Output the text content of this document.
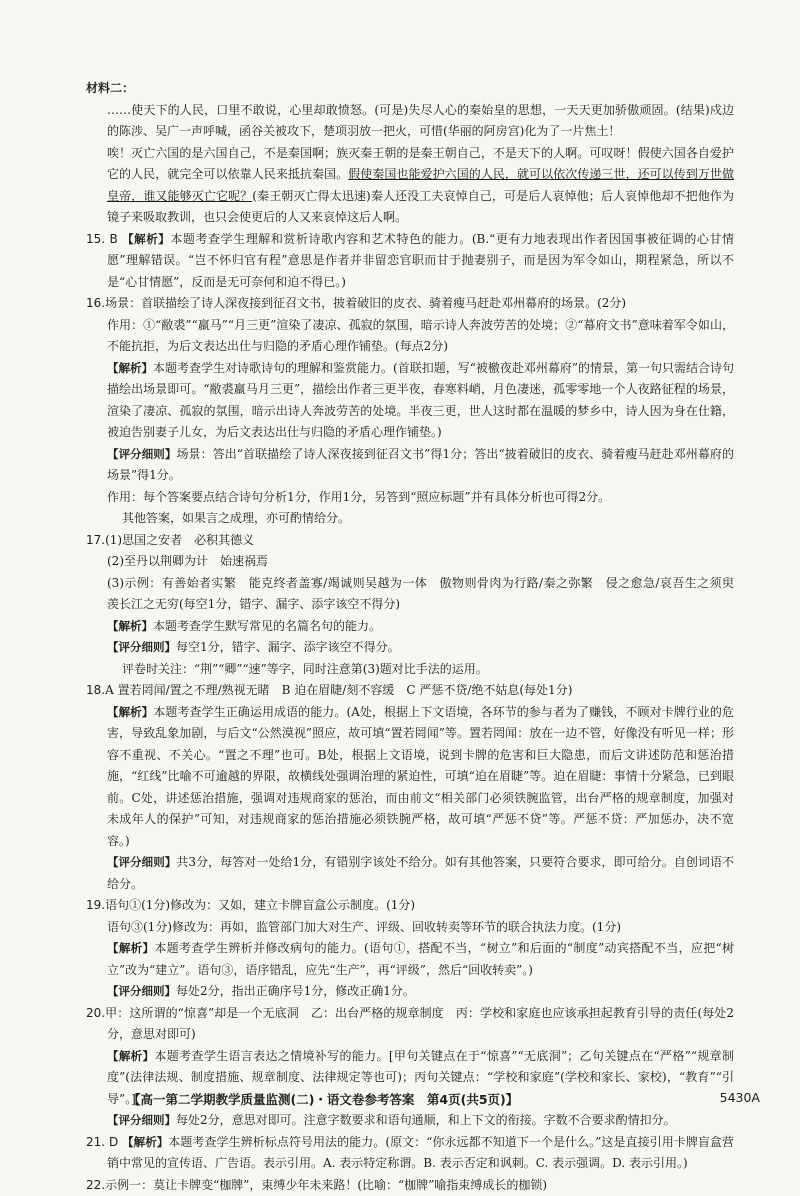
材料二：

……使天下的人民，口里不敢说，心里却敢愤怒。(可是)失尽人心的秦始皇的思想，一天天更加骄傲顽固。(结果)戍边的陈涉、吴广一声呼喊，函谷关被攻下，楚项羽放一把火，可惜(华丽的阿房宫)化为了一片焦土！

唉！灭亡六国的是六国自己，不是秦国啊；族灭秦王朝的是秦王朝自己，不是天下的人啊。可叹呀！假使六国各自爱护它的人民，就完全可以依靠人民来抵抗秦国。假使秦国也能爱护六国的人民，就可以依次传递三世，还可以传到万世做皇帝，谁又能够灭亡它呢？(秦王朝灭亡得太迅速)秦人还没工夫哀悼自己，可是后人哀悼他；后人哀悼他却不把他作为镜子来吸取教训，也只会使更后的人又来哀悼这后人啊。

15. B 【解析】本题考查学生理解和赏析诗歌内容和艺术特色的能力。(B.“更有力地表现出作者因国事被征调的心甘情愿”理解错误。“岂不怀归官有程”意思是作者并非留恋官职而甘于抛妻别子，而是因为军令如山，期程紧急，所以不是“心甘情愿”，反而是无可奈何和迫不得已。)

16.场景：首联描绘了诗人深夜接到征召文书，披着破旧的皮衣、骑着瘦马赶赴邓州幕府的场景。(2分)

作用：①“敝裘”“羸马”“月三更”渲染了凄凉、孤寂的氛围，暗示诗人奔波劳苦的处境；②“幕府文书”意味着军令如山，不能抗拒，为后文表达出仕与归隐的矛盾心理作铺垫。(每点2分)

【解析】本题考查学生对诗歌诗句的理解和鉴赏能力。(首联扣题，写“被檄夜赴邓州幕府”的情景，第一句只需结合诗句描绘出场景即可。“敝裘羸马月三更”，描绘出作者三更半夜，春寒料峭，月色凄迷，孤零零地一个人夜路征程的场景，渲染了凄凉、孤寂的氛围，暗示出诗人奔波劳苦的处境。半夜三更，世人这时都在温暖的梦乡中，诗人因为身在仕籍，被迫告别妻子儿女，为后文表达出仕与归隐的矛盾心理作铺垫。)

【评分细则】场景：答出“首联描绘了诗人深夜接到征召文书”得1分；答出“披着破旧的皮衣、骑着瘦马赶赴邓州幕府的场景”得1分。

作用：每个答案要点结合诗句分析1分，作用1分，另答到“照应标题”并有具体分析也可得2分。

其他答案，如果言之成理，亦可酌情给分。

17.(1)思国之安者　必积其德义

(2)至丹以荆卿为计　始速祸焉

(3)示例：有善始者实繁　能克终者盖寡/竭诚则吴越为一体　傲物则骨肉为行路/秦之弥繁　侵之愈急/哀吾生之须臾　羡长江之无穷(每空1分，错字、漏字、添字该空不得分)

【解析】本题考查学生默写常见的名篇名句的能力。

【评分细则】每空1分，错字、漏字、添字该空不得分。

评卷时关注：“荆”“卿”“速”等字，同时注意第(3)题对比手法的运用。

18.A 置若罔闻/置之不理/熟视无睹　B 迫在眉睫/刻不容缓　C 严惩不贷/绝不姑息(每处1分)

【解析】本题考查学生正确运用成语的能力。(A处，根据上下文语境，各环节的参与者为了赚钱，不顾对卡牌行业的危害，导致乱象加剧，与后文“公然漠视”照应，故可填“置若罔闻”等。置若罔闻：放在一边不管，好像没有听见一样；形容不重视、不关心。“置之不理”也可。B处，根据上文语境，说到卡牌的危害和巨大隐患，而后文讲述防范和惩治措施，“红线”比喻不可逾越的界限，故横线处强调治理的紧迫性，可填“迫在眉睫”等。迫在眉睫：事情十分紧急，已到眼前。C处，讲述惩治措施，强调对违规商家的惩治，而由前文“相关部门必须铁腕监管，出台严格的规章制度，加强对未成年人的保护”可知，对违规商家的惩治措施必须铁腕严格，故可填“严惩不贷”等。严惩不贷：严加惩办，决不宽容。)

【评分细则】共3分，每答对一处给1分，有错别字该处不给分。如有其他答案，只要符合要求，即可给分。自创词语不给分。

19.语句①(1分)修改为：又如，建立卡牌盲盒公示制度。(1分)

语句③(1分)修改为：再如，监管部门加大对生产、评级、回收转卖等环节的联合执法力度。(1分)

【解析】本题考查学生辨析并修改病句的能力。(语句①，搭配不当，“树立”和后面的“制度”动宾搭配不当，应把“树立”改为“建立”。语句③，语序错乱，应先“生产”，再“评级”，然后“回收转卖”。)

【评分细则】每处2分，指出正确序号1分，修改正确1分。

20.甲：这所谓的“惊喜”却是一个无底洞　乙：出台严格的规章制度　丙：学校和家庭也应该承担起教育引导的责任(每处2分，意思对即可)

【解析】本题考查学生语言表达之情境补写的能力。[甲句关键点在于“惊喜”“无底洞”；乙句关键点在“严格”“规章制度”(法律法规、制度措施、规章制度、法律规定等也可)；丙句关键点：“学校和家庭”(学校和家长、家校)，“教育”“引导”。]

【评分细则】每处2分，意思对即可。注意字数要求和语句通顺，和上下文的衔接。字数不合要求酌情扣分。

21. D 【解析】本题考查学生辨析标点符号用法的能力。(原文：“你永远都不知道下一个是什么。”这是直接引用卡牌盲盒营销中常见的宣传语、广告语。表示引用。A. 表示特定称谓。B. 表示否定和讽刺。C. 表示强调。D. 表示引用。)

22.示例一：莫让卡牌变“枷牌”，束缚少年未来路！(比喻：“枷牌”喻指束缚成长的枷锁)

【高一第二学期教学质量监测(二)・语文卷参考答案　第4页(共5页)】	5430A
